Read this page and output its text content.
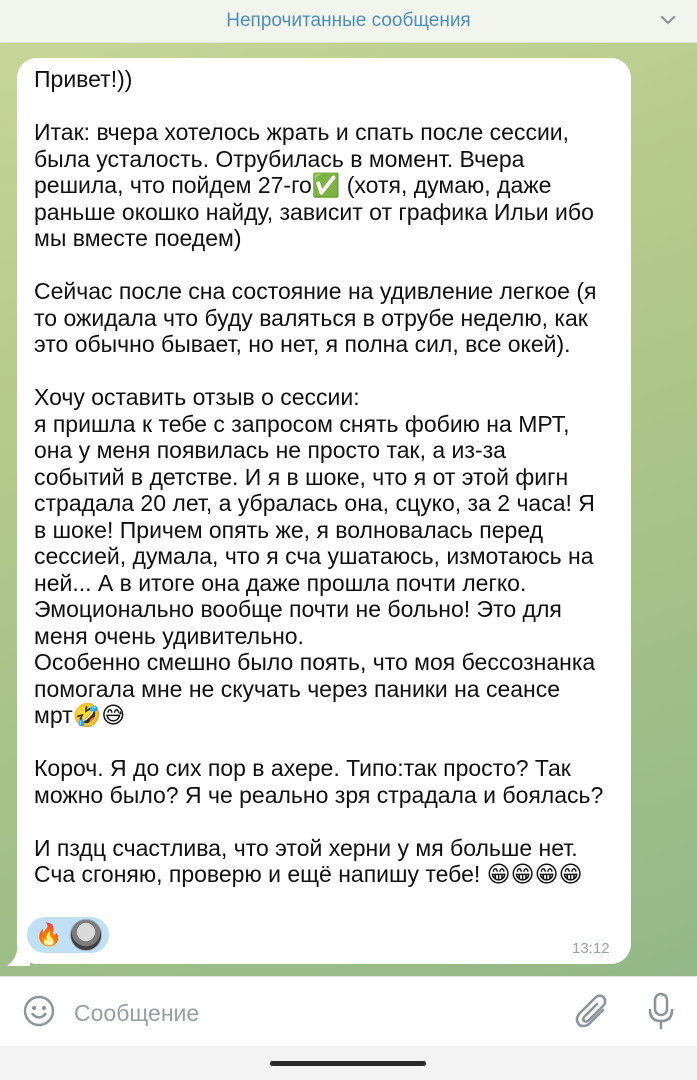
Непрочитанные сообщения

Привет!))

Итак: вчера хотелось жрать и спать после сессии,
была усталость. Отрубилась в момент. Вчера
решила, что пойдем 27-го✅ (хотя, думаю, даже
раньше окошко найду, зависит от графика Ильи ибо
мы вместе поедем)

Сейчас после сна состояние на удивление легкое (я
то ожидала что буду валяться в отрубе неделю, как
это обычно бывает, но нет, я полна сил, все окей).

Хочу оставить отзыв о сессии:
я пришла к тебе с запросом снять фобию на МРТ,
она у меня появилась не просто так, а из-за
событий в детстве. И я в шоке, что я от этой фигн
страдала 20 лет, а убралась она, сцуко, за 2 часа! Я
в шоке! Причем опять же, я волновалась перед
сессией, думала, что я сча ушатаюсь, измотаюсь на
ней... А в итоге она даже прошла почти легко.
Эмоционально вообще почти не больно! Это для
меня очень удивительно.
Особенно смешно было поять, что моя бессознанка
помогала мне не скучать через паники на сеансе
мрт🤣😅

Короч. Я до сих пор в ахере. Типо:так просто? Так
можно было? Я че реально зря страдала и боялась?

И пздц счастлива, что этой херни у мя больше нет.
Сча сгоняю, проверю и ещё напишу тебе! 😁😁😁😁

🔥
13:12
Сообщение
